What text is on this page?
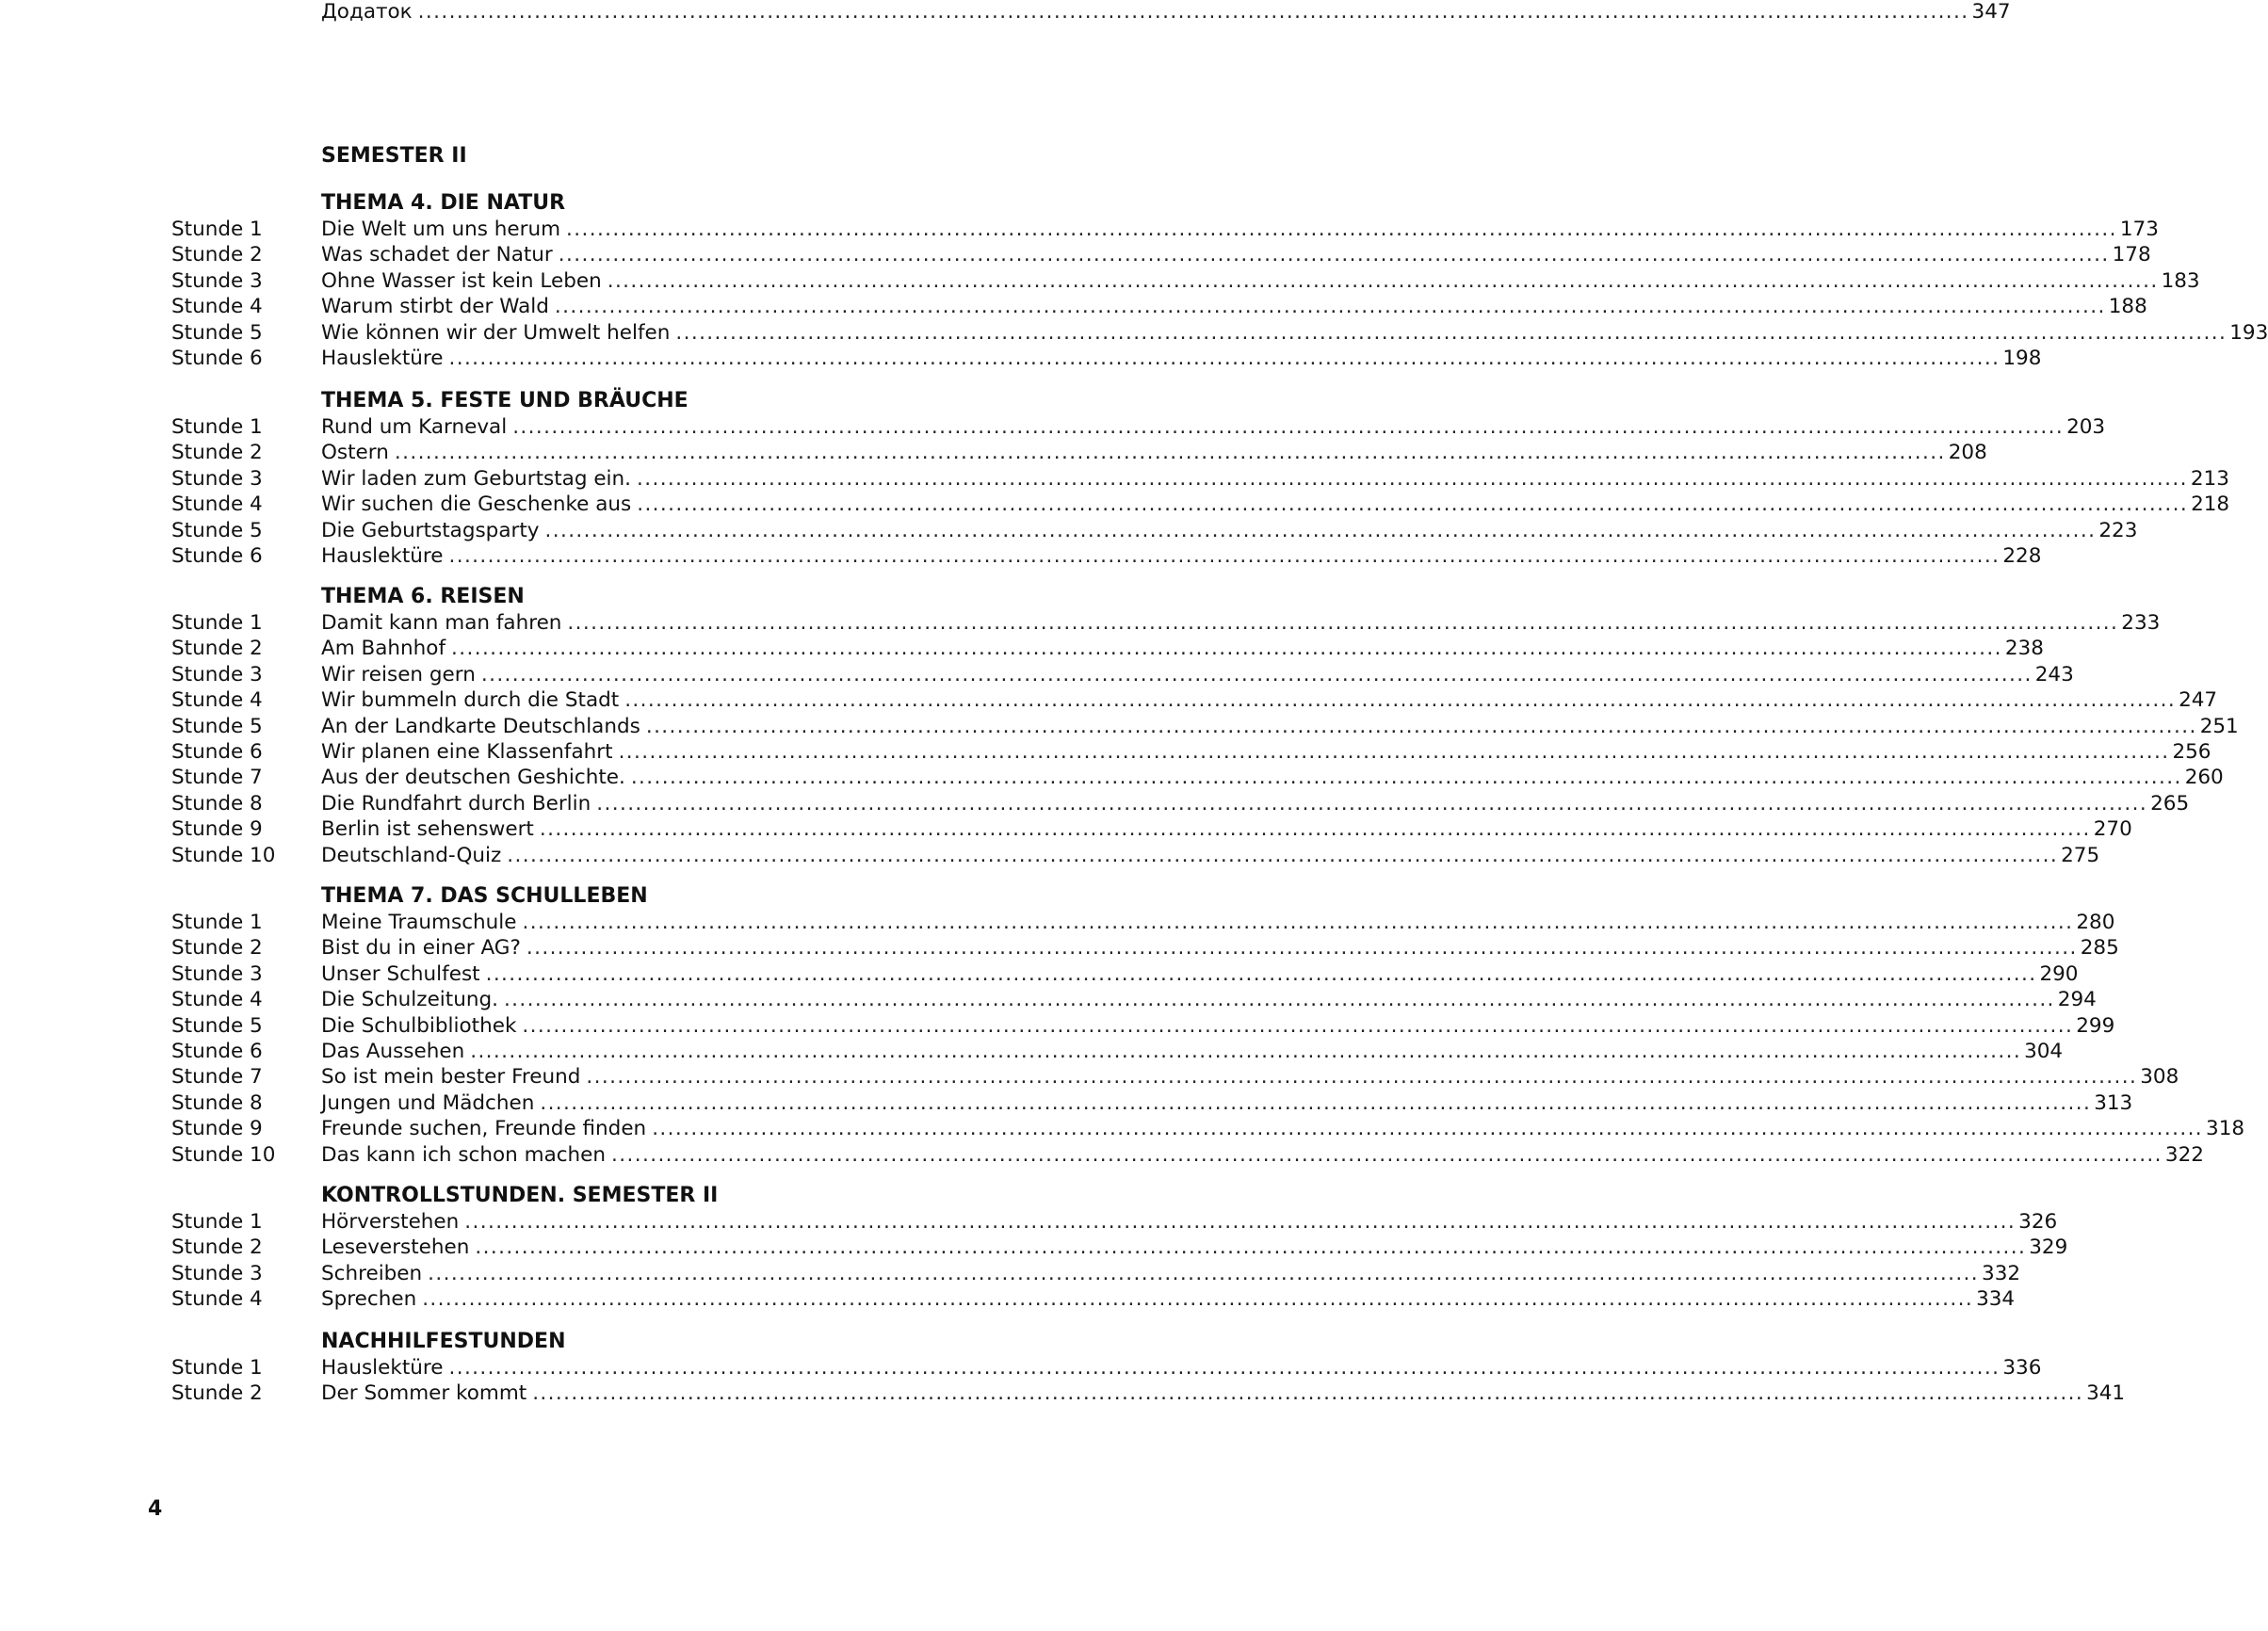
SEMESTER II
THEMA 4. DIE NATUR
Stunde 1	Die Welt um uns herum ........................................................................................................................................................................................................ 173
Stunde 2	Was schadet der Natur ........................................................................................................................................................................................................ 178
Stunde 3	Ohne Wasser ist kein Leben ........................................................................................................................................................................................................ 183
Stunde 4	Warum stirbt der Wald ........................................................................................................................................................................................................ 188
Stunde 5	Wie können wir der Umwelt helfen ........................................................................................................................................................................................................ 193
Stunde 6	Hauslektüre ........................................................................................................................................................................................................ 198
THEMA 5. FESTE UND BRÄUCHE
Stunde 1	Rund um Karneval ........................................................................................................................................................................................................ 203
Stunde 2	Ostern ........................................................................................................................................................................................................ 208
Stunde 3	Wir laden zum Geburtstag ein. ........................................................................................................................................................................................................ 213
Stunde 4	Wir suchen die Geschenke aus ........................................................................................................................................................................................................ 218
Stunde 5	Die Geburtstagsparty ........................................................................................................................................................................................................ 223
Stunde 6	Hauslektüre ........................................................................................................................................................................................................ 228
THEMA 6. REISEN
Stunde 1	Damit kann man fahren ........................................................................................................................................................................................................ 233
Stunde 2	Am Bahnhof ........................................................................................................................................................................................................ 238
Stunde 3	Wir reisen gern ........................................................................................................................................................................................................ 243
Stunde 4	Wir bummeln durch die Stadt ........................................................................................................................................................................................................ 247
Stunde 5	An der Landkarte Deutschlands ........................................................................................................................................................................................................ 251
Stunde 6	Wir planen eine Klassenfahrt ........................................................................................................................................................................................................ 256
Stunde 7	Aus der deutschen Geshichte. ........................................................................................................................................................................................................ 260
Stunde 8	Die Rundfahrt durch Berlin ........................................................................................................................................................................................................ 265
Stunde 9	Berlin ist sehenswert ........................................................................................................................................................................................................ 270
Stunde 10	Deutschland-Quiz ........................................................................................................................................................................................................ 275
THEMA 7. DAS SCHULLEBEN
Stunde 1	Meine Traumschule ........................................................................................................................................................................................................ 280
Stunde 2	Bist du in einer AG? ........................................................................................................................................................................................................ 285
Stunde 3	Unser Schulfest ........................................................................................................................................................................................................ 290
Stunde 4	Die Schulzeitung. ........................................................................................................................................................................................................ 294
Stunde 5	Die Schulbibliothek ........................................................................................................................................................................................................ 299
Stunde 6	Das Aussehen ........................................................................................................................................................................................................ 304
Stunde 7	So ist mein bester Freund ........................................................................................................................................................................................................ 308
Stunde 8	Jungen und Mädchen ........................................................................................................................................................................................................ 313
Stunde 9	Freunde suchen, Freunde finden ........................................................................................................................................................................................................ 318
Stunde 10	Das kann ich schon machen ........................................................................................................................................................................................................ 322
KONTROLLSTUNDEN. SEMESTER II
Stunde 1	Hörverstehen ........................................................................................................................................................................................................ 326
Stunde 2	Leseverstehen ........................................................................................................................................................................................................ 329
Stunde 3	Schreiben ........................................................................................................................................................................................................ 332
Stunde 4	Sprechen ........................................................................................................................................................................................................ 334
NACHHILFESTUNDEN
Stunde 1	Hauslektüre ........................................................................................................................................................................................................ 336
Stunde 2	Der Sommer kommt ........................................................................................................................................................................................................ 341
Додаток ........................................................................................................................................................................................................ 347
4
